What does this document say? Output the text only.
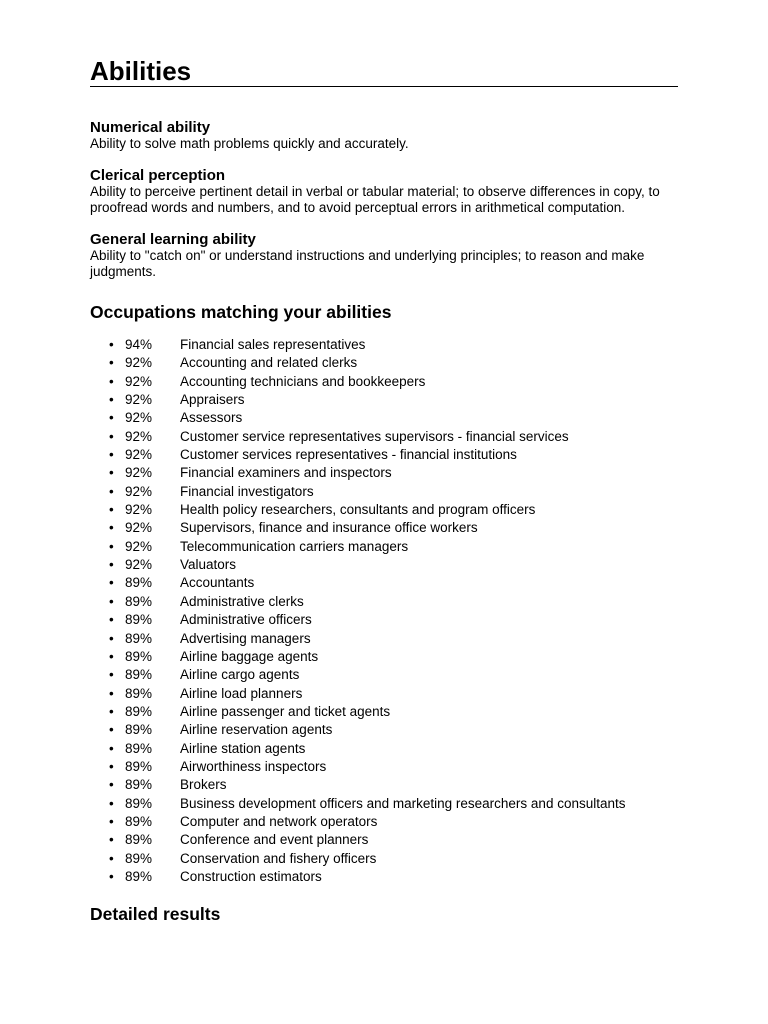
Abilities
Numerical ability

Ability to solve math problems quickly and accurately.

Clerical perception

Ability to perceive pertinent detail in verbal or tabular material; to observe differences in copy, to proofread words and numbers, and to avoid perceptual errors in arithmetical computation.

General learning ability

Ability to "catch on" or understand instructions and underlying principles; to reason and make judgments.

Occupations matching your abilities
• 94% Financial sales representatives
• 92% Accounting and related clerks
• 92% Accounting technicians and bookkeepers
• 92% Appraisers
• 92% Assessors
• 92% Customer service representatives supervisors - financial services
• 92% Customer services representatives - financial institutions
• 92% Financial examiners and inspectors
• 92% Financial investigators
• 92% Health policy researchers, consultants and program officers
• 92% Supervisors, finance and insurance office workers
• 92% Telecommunication carriers managers
• 92% Valuators
• 89% Accountants
• 89% Administrative clerks
• 89% Administrative officers
• 89% Advertising managers
• 89% Airline baggage agents
• 89% Airline cargo agents
• 89% Airline load planners
• 89% Airline passenger and ticket agents
• 89% Airline reservation agents
• 89% Airline station agents
• 89% Airworthiness inspectors
• 89% Brokers
• 89% Business development officers and marketing researchers and consultants
• 89% Computer and network operators
• 89% Conference and event planners
• 89% Conservation and fishery officers
• 89% Construction estimators
Detailed results
